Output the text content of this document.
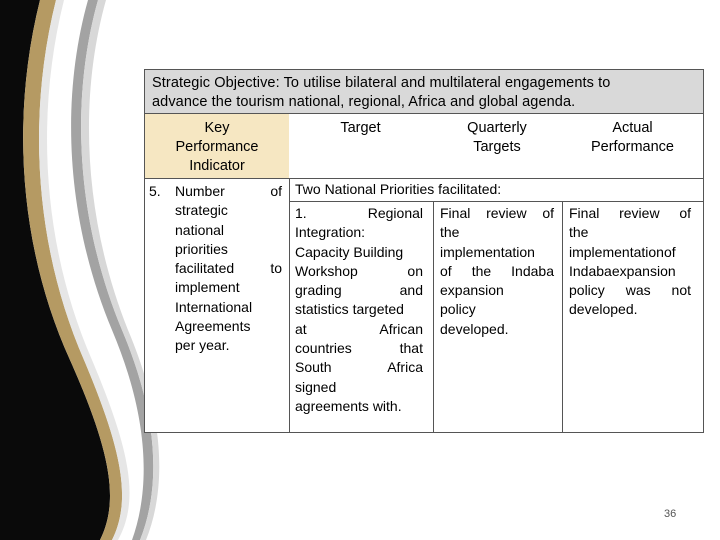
Strategic Objective: To utilise bilateral and multilateral engagements to
advance the tourism national, regional, Africa and global agenda.
Key
Performance
Indicator
Target	Quarterly
Targets
Actual
Performance
5. Number of
strategic
national
priorities
facilitated to
implement
International
Agreements
per year.
Two National Priorities facilitated:
1. Regional
Integration:
Capacity Building
Workshop on
grading and
statistics targeted
at African
countries that
South Africa
signed
agreements with.
Final review of
the
implementation
of the Indaba
expansion
policy
developed.
Final review of
the
implementationof
Indabaexpansion
policy was not
developed.
36
